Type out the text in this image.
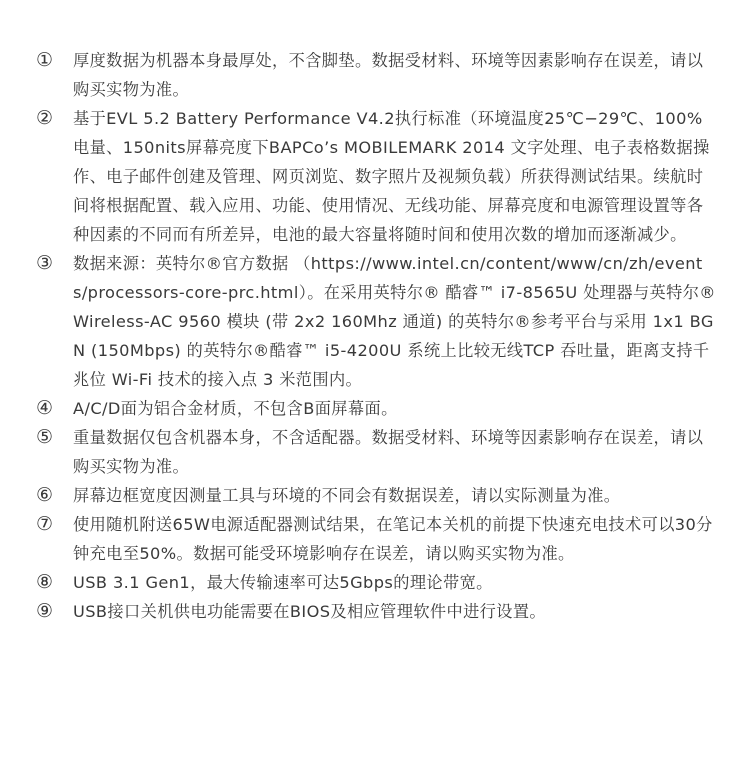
①	厚度数据为机器本身最厚处，不含脚垫。数据受材料、环境等因素影响存在误差，请以购买实物为准。
②	基于EVL 5.2 Battery Performance V4.2执行标准（环境温度25℃−29℃、100%电量、150nits屏幕亮度下BAPCo’s MOBILEMARK 2014 文字处理、电子表格数据操作、电子邮件创建及管理、网页浏览、数字照片及视频负载）所获得测试结果。续航时间将根据配置、载入应用、功能、使用情况、无线功能、屏幕亮度和电源管理设置等各种因素的不同而有所差异，电池的最大容量将随时间和使用次数的增加而逐渐减少。
③	数据来源：英特尔®官方数据 （https://www.intel.cn/content/www/cn/zh/events/processors-core-prc.html）。在采用英特尔® 酷睿™ i7-8565U 处理器与英特尔® Wireless-AC 9560 模块 (带 2x2 160Mhz 通道) 的英特尔®参考平台与采用 1x1 BGN (150Mbps) 的英特尔®酷睿™ i5-4200U 系统上比较无线TCP 吞吐量，距离支持千兆位 Wi-Fi 技术的接入点 3 米范围内。
④	A/C/D面为铝合金材质，不包含B面屏幕面。
⑤	重量数据仅包含机器本身，不含适配器。数据受材料、环境等因素影响存在误差，请以购买实物为准。
⑥	屏幕边框宽度因测量工具与环境的不同会有数据误差，请以实际测量为准。
⑦	使用随机附送65W电源适配器测试结果，在笔记本关机的前提下快速充电技术可以30分钟充电至50%。数据可能受环境影响存在误差，请以购买实物为准。
⑧	USB 3.1 Gen1，最大传输速率可达5Gbps的理论带宽。
⑨	USB接口关机供电功能需要在BIOS及相应管理软件中进行设置。
